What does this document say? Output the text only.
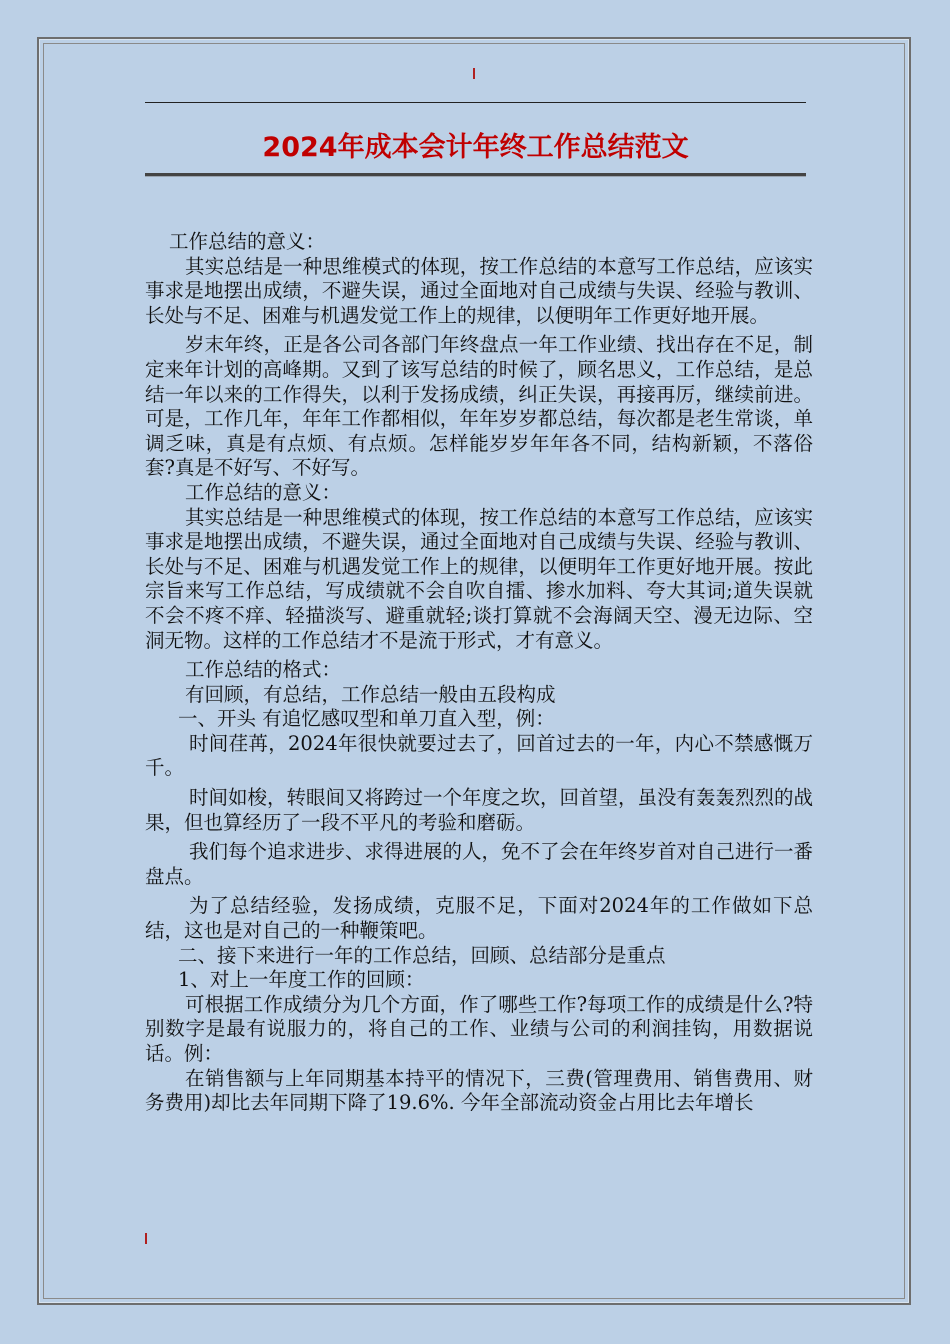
2024年成本会计年终工作总结范文

工作总结的意义：

其实总结是一种思维模式的体现，按工作总结的本意写工作总结，应该实事求是地摆出成绩，不避失误，通过全面地对自己成绩与失误、经验与教训、长处与不足、困难与机遇发觉工作上的规律，以便明年工作更好地开展。

岁末年终，正是各公司各部门年终盘点一年工作业绩、找出存在不足，制定来年计划的高峰期。又到了该写总结的时候了，顾名思义，工作总结，是总结一年以来的工作得失，以利于发扬成绩，纠正失误，再接再厉，继续前进。可是，工作几年，年年工作都相似，年年岁岁都总结，每次都是老生常谈，单调乏味，真是有点烦、有点烦。怎样能岁岁年年各不同，结构新颖，不落俗套?真是不好写、不好写。

工作总结的意义：

其实总结是一种思维模式的体现，按工作总结的本意写工作总结，应该实事求是地摆出成绩，不避失误，通过全面地对自己成绩与失误、经验与教训、长处与不足、困难与机遇发觉工作上的规律，以便明年工作更好地开展。按此宗旨来写工作总结，写成绩就不会自吹自擂、掺水加料、夸大其词;道失误就不会不疼不痒、轻描淡写、避重就轻;谈打算就不会海阔天空、漫无边际、空洞无物。这样的工作总结才不是流于形式，才有意义。

工作总结的格式：

有回顾，有总结，工作总结一般由五段构成

一、开头 有追忆感叹型和单刀直入型，例：

时间荏苒，2024年很快就要过去了，回首过去的一年，内心不禁感慨万千。

时间如梭，转眼间又将跨过一个年度之坎，回首望，虽没有轰轰烈烈的战果，但也算经历了一段不平凡的考验和磨砺。

我们每个追求进步、求得进展的人，免不了会在年终岁首对自己进行一番盘点。

为了总结经验，发扬成绩，克服不足，下面对2024年的工作做如下总结，这也是对自己的一种鞭策吧。

二、接下来进行一年的工作总结，回顾、总结部分是重点

1、对上一年度工作的回顾：

可根据工作成绩分为几个方面，作了哪些工作?每项工作的成绩是什么?特别数字是最有说服力的，将自己的工作、业绩与公司的利润挂钩，用数据说话。例：

在销售额与上年同期基本持平的情况下，三费(管理费用、销售费用、财务费用)却比去年同期下降了19.6%. 今年全部流动资金占用比去年增长
